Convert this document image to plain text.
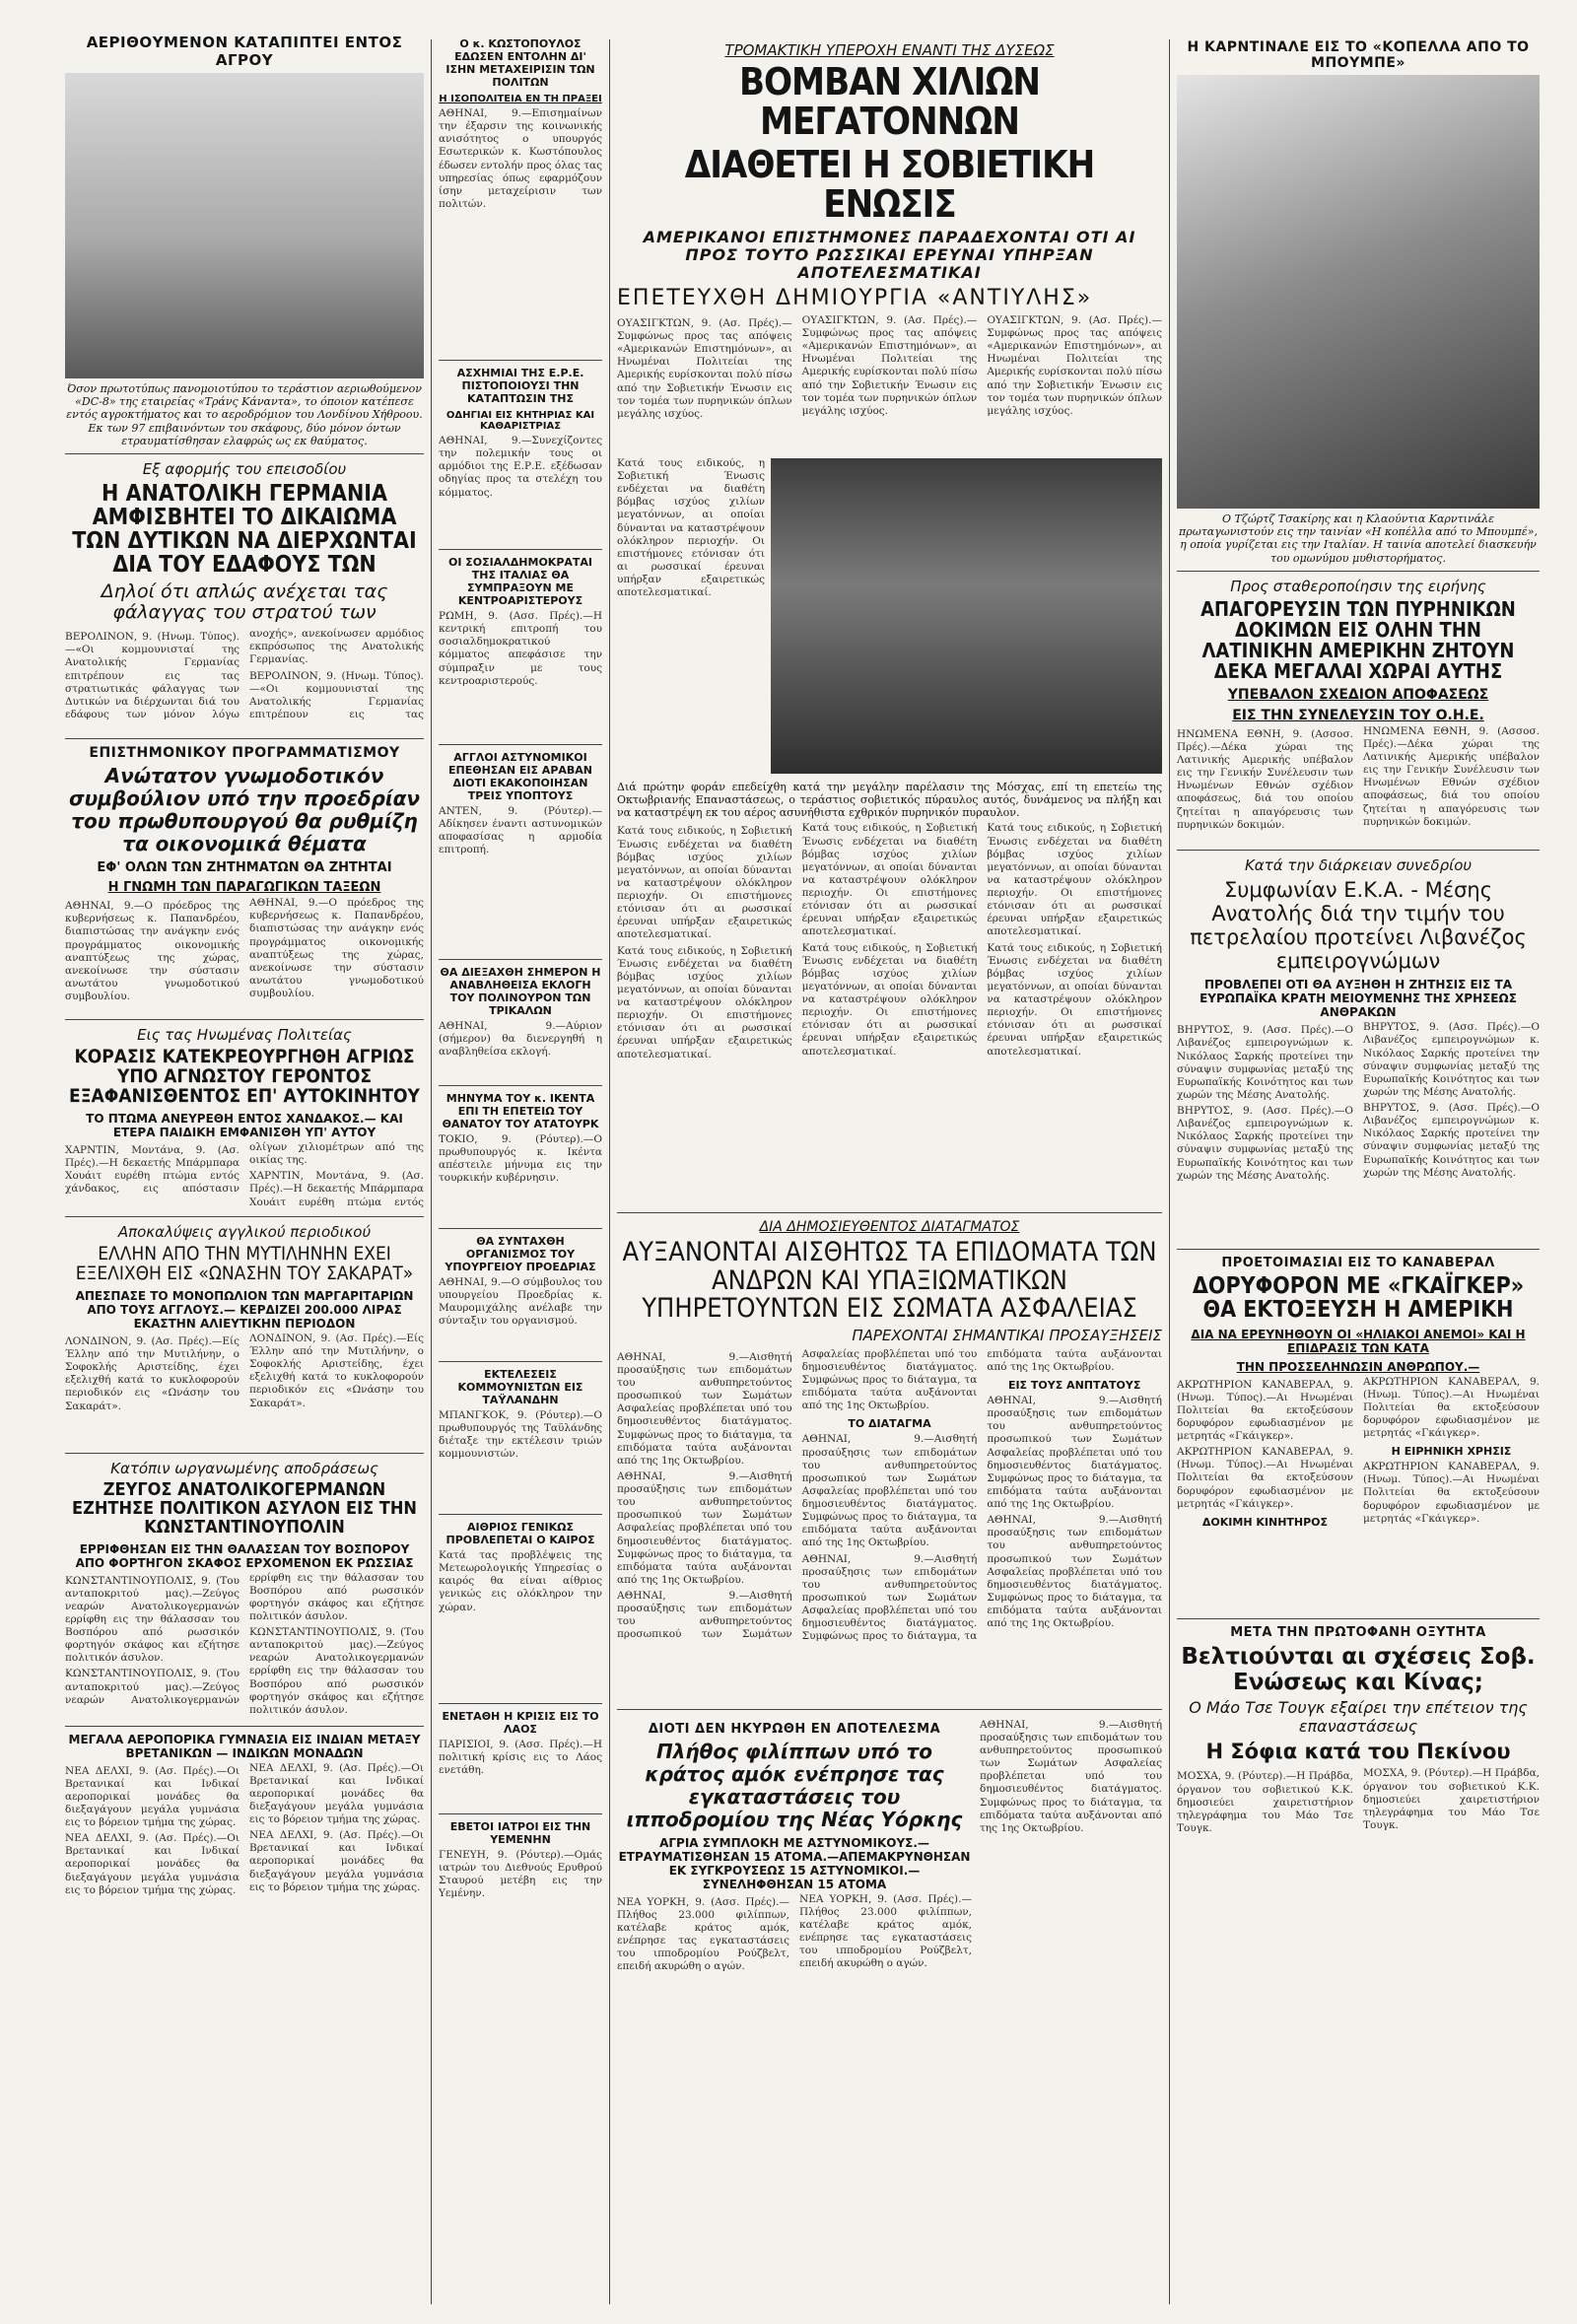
ΑΕΡΙΘΟΥΜΕΝΟΝ ΚΑΤΑΠΙΠΤΕΙ ΕΝΤΟΣ ΑΓΡΟΥ
Όσον πρωτοτύπως πανομοιοτύπου το τεράστιον αεριωθούμενον «DC-8» της εταιρείας «Τράνς Κάναντα», το όποιον κατέπεσε εντός αγροκτήματος και το αεροδρόμιον του Λονδίνου Χήθροου. Εκ των 97 επιβαινόντων του σκάφους, δύο μόνον όντων ετραυματίσθησαν ελαφρώς ως εκ θαύματος.
Εξ αφορμής του επεισοδίου
Η ΑΝΑΤΟΛΙΚΗ ΓΕΡΜΑΝΙΑ ΑΜΦΙΣΒΗΤΕΙ ΤΟ ΔΙΚΑΙΩΜΑ ΤΩΝ ΔΥΤΙΚΩΝ ΝΑ ΔΙΕΡΧΩΝΤΑΙ ΔΙΑ ΤΟΥ ΕΔΑΦΟΥΣ ΤΩΝ
Δηλοί ότι απλώς ανέχεται τας φάλαγγας του στρατού των

ΒΕΡΟΛΙΝΟΝ, 9. (Ηνωμ. Τύπος).—«Οι κομμουνισταί της Ανατολικής Γερμανίας επιτρέπουν εις τας στρατιωτικάς φάλαγγας των Δυτικών να διέρχωνται διά του εδάφους των μόνον λόγω ανοχής», ανεκοίνωσεν αρμόδιος εκπρόσωπος της Ανατολικής Γερμανίας.

ΒΕΡΟΛΙΝΟΝ, 9. (Ηνωμ. Τύπος).—«Οι κομμουνισταί της Ανατολικής Γερμανίας επιτρέπουν εις τας

ΕΠΙΣΤΗΜΟΝΙΚΟΥ ΠΡΟΓΡΑΜΜΑΤΙΣΜΟΥ
Ανώτατον γνωμοδοτικόν συμβούλιον υπό την προεδρίαν του πρωθυπουργού θα ρυθμίζη τα οικονομικά θέματα
ΕΦ' ΟΛΩΝ ΤΩΝ ΖΗΤΗΜΑΤΩΝ ΘΑ ΖΗΤΗΤΑΙ
Η ΓΝΩΜΗ ΤΩΝ ΠΑΡΑΓΩΓΙΚΩΝ ΤΑΞΕΩΝ

ΑΘΗΝΑΙ, 9.—Ο πρόεδρος της κυβερνήσεως κ. Παπανδρέου, διαπιστώσας την ανάγκην ενός προγράμματος οικονομικής αναπτύξεως της χώρας, ανεκοίνωσε την σύστασιν ανωτάτου γνωμοδοτικού συμβουλίου.

ΑΘΗΝΑΙ, 9.—Ο πρόεδρος της κυβερνήσεως κ. Παπανδρέου, διαπιστώσας την ανάγκην ενός προγράμματος οικονομικής αναπτύξεως της χώρας, ανεκοίνωσε την σύστασιν ανωτάτου γνωμοδοτικού συμβουλίου.

Εις τας Ηνωμένας Πολιτείας
ΚΟΡΑΣΙΣ ΚΑΤΕΚΡΕΟΥΡΓΗΘΗ ΑΓΡΙΩΣ ΥΠΟ ΑΓΝΩΣΤΟΥ ΓΕΡΟΝΤΟΣ ΕΞΑΦΑΝΙΣΘΕΝΤΟΣ ΕΠ' ΑΥΤΟΚΙΝΗΤΟΥ
ΤΟ ΠΤΩΜΑ ΑΝΕΥΡΕΘΗ ΕΝΤΟΣ ΧΑΝΔΑΚΟΣ.— ΚΑΙ ΕΤΕΡΑ ΠΑΙΔΙΚΗ ΕΜΦΑΝΙΣΘΗ ΥΠ' ΑΥΤΟΥ

ΧΑΡΝΤΙΝ, Μοντάνα, 9. (Ασ. Πρές).—Η δεκαετής Μπάρμπαρα Χουάιτ ευρέθη πτώμα εντός χάνδακος, εις απόστασιν ολίγων χιλιομέτρων από της οικίας της.

ΧΑΡΝΤΙΝ, Μοντάνα, 9. (Ασ. Πρές).—Η δεκαετής Μπάρμπαρα Χουάιτ ευρέθη πτώμα εντός

Αποκαλύψεις αγγλικού περιοδικού
ΕΛΛΗΝ ΑΠΟ ΤΗΝ ΜΥΤΙΛΗΝΗΝ ΕΧΕΙ ΕΞΕΛΙΧΘΗ ΕΙΣ «ΩΝΑΣΗΝ ΤΟΥ ΣΑΚΑΡΑΤ»
ΑΠΕΣΠΑΣΕ ΤΟ ΜΟΝΟΠΩΛΙΟΝ ΤΩΝ ΜΑΡΓΑΡΙΤΑΡΙΩΝ ΑΠΟ ΤΟΥΣ ΑΓΓΛΟΥΣ.— ΚΕΡΔΙΖΕΙ 200.000 ΛΙΡΑΣ ΕΚΑΣΤΗΝ ΑΛΙΕΥΤΙΚΗΝ ΠΕΡΙΟΔΟΝ

ΛΟΝΔΙΝΟΝ, 9. (Ασ. Πρές).—Είς Έλλην από την Μυτιλήνην, ο Σοφοκλής Αριστείδης, έχει εξελιχθή κατά το κυκλοφορούν περιοδικόν εις «Ωνάσην του Σακαράτ».

ΛΟΝΔΙΝΟΝ, 9. (Ασ. Πρές).—Είς Έλλην από την Μυτιλήνην, ο Σοφοκλής Αριστείδης, έχει εξελιχθή κατά το κυκλοφορούν περιοδικόν εις «Ωνάσην του Σακαράτ».

Κατόπιν ωργανωμένης αποδράσεως
ΖΕΥΓΟΣ ΑΝΑΤΟΛΙΚΟΓΕΡΜΑΝΩΝ ΕΖΗΤΗΣΕ ΠΟΛΙΤΙΚΟΝ ΑΣΥΛΟΝ ΕΙΣ ΤΗΝ ΚΩΝΣΤΑΝΤΙΝΟΥΠΟΛΙΝ
ΕΡΡΙΦΘΗΣΑΝ ΕΙΣ ΤΗΝ ΘΑΛΑΣΣΑΝ ΤΟΥ ΒΟΣΠΟΡΟΥ ΑΠΟ ΦΟΡΤΗΓΟΝ ΣΚΑΦΟΣ ΕΡΧΟΜΕΝΟΝ ΕΚ ΡΩΣΣΙΑΣ

ΚΩΝΣΤΑΝΤΙΝΟΥΠΟΛΙΣ, 9. (Του ανταποκριτού μας).—Ζεύγος νεαρών Ανατολικογερμανών ερρίφθη εις την θάλασσαν του Βοσπόρου από ρωσσικόν φορτηγόν σκάφος και εζήτησε πολιτικόν άσυλον.

ΚΩΝΣΤΑΝΤΙΝΟΥΠΟΛΙΣ, 9. (Του ανταποκριτού μας).—Ζεύγος νεαρών Ανατολικογερμανών ερρίφθη εις την θάλασσαν του Βοσπόρου από ρωσσικόν φορτηγόν σκάφος και εζήτησε πολιτικόν άσυλον.

ΚΩΝΣΤΑΝΤΙΝΟΥΠΟΛΙΣ, 9. (Του ανταποκριτού μας).—Ζεύγος νεαρών Ανατολικογερμανών ερρίφθη εις την θάλασσαν του Βοσπόρου από ρωσσικόν φορτηγόν σκάφος και εζήτησε πολιτικόν άσυλον.

ΜΕΓΑΛΑ ΑΕΡΟΠΟΡΙΚΑ ΓΥΜΝΑΣΙΑ ΕΙΣ ΙΝΔΙΑΝ ΜΕΤΑΞΥ ΒΡΕΤΑΝΙΚΩΝ — ΙΝΔΙΚΩΝ ΜΟΝΑΔΩΝ

ΝΕΑ ΔΕΛΧΙ, 9. (Ασ. Πρές).—Οι Βρετανικαί και Ινδικαί αεροπορικαί μονάδες θα διεξαγάγουν μεγάλα γυμνάσια εις το βόρειον τμήμα της χώρας.

ΝΕΑ ΔΕΛΧΙ, 9. (Ασ. Πρές).—Οι Βρετανικαί και Ινδικαί αεροπορικαί μονάδες θα διεξαγάγουν μεγάλα γυμνάσια εις το βόρειον τμήμα της χώρας.

ΝΕΑ ΔΕΛΧΙ, 9. (Ασ. Πρές).—Οι Βρετανικαί και Ινδικαί αεροπορικαί μονάδες θα διεξαγάγουν μεγάλα γυμνάσια εις το βόρειον τμήμα της χώρας.

ΝΕΑ ΔΕΛΧΙ, 9. (Ασ. Πρές).—Οι Βρετανικαί και Ινδικαί αεροπορικαί μονάδες θα διεξαγάγουν μεγάλα γυμνάσια εις το βόρειον τμήμα της χώρας.

Ο κ. ΚΩΣΤΟΠΟΥΛΟΣ ΕΔΩΣΕΝ ΕΝΤΟΛΗΝ ΔΙ' ΙΣΗΝ ΜΕΤΑΧΕΙΡΙΣΙΝ ΤΩΝ ΠΟΛΙΤΩΝ
Η ΙΣΟΠΟΛΙΤΕΙΑ ΕΝ ΤΗ ΠΡΑΞΕΙ

ΑΘΗΝΑΙ, 9.—Επισημαίνων την έξαρσιν της κοινωνικής ανισότητος ο υπουργός Εσωτερικών κ. Κωστόπουλος έδωσεν εντολήν προς όλας τας υπηρεσίας όπως εφαρμόζουν ίσην μεταχείρισιν των πολιτών.

ΑΣΧΗΜΙΑΙ ΤΗΣ Ε.Ρ.Ε. ΠΙΣΤΟΠΟΙΟΥΣΙ ΤΗΝ ΚΑΤΑΠΤΩΣΙΝ ΤΗΣ
ΟΔΗΓΙΑΙ ΕΙΣ ΚΗΤΗΡΙΑΣ ΚΑΙ ΚΑΘΑΡΙΣΤΡΙΑΣ

ΑΘΗΝΑΙ, 9.—Συνεχίζοντες την πολεμικήν τους οι αρμόδιοι της Ε.Ρ.Ε. εξέδωσαν οδηγίας προς τα στελέχη του κόμματος.

ΟΙ ΣΟΣΙΑΛΔΗΜΟΚΡΑΤΑΙ ΤΗΣ ΙΤΑΛΙΑΣ ΘΑ ΣΥΜΠΡΑΞΟΥΝ ΜΕ ΚΕΝΤΡΟΑΡΙΣΤΕΡΟΥΣ

ΡΩΜΗ, 9. (Ασσ. Πρές).—Η κεντρική επιτροπή του σοσιαλδημοκρατικού κόμματος απεφάσισε την σύμπραξιν με τους κεντροαριστερούς.

ΑΓΓΛΟΙ ΑΣΤΥΝΟΜΙΚΟΙ ΕΠΕΘΗΣΑΝ ΕΙΣ ΑΡΑΒΑΝ ΔΙΟΤΙ ΕΚΑΚΟΠΟΙΗΣΑΝ ΤΡΕΙΣ ΥΠΟΠΤΟΥΣ

ΑΝΤΕΝ, 9. (Ρόυτερ).—Αδίκησεν έναντι αστυνομικών αποφασίσας η αρμοδία επιτροπή.

ΘΑ ΔΙΕΞΑΧΘΗ ΣΗΜΕΡΟΝ Η ΑΝΑΒΛΗΘΕΙΣΑ ΕΚΛΟΓΗ ΤΟΥ ΠΟΛΙΝΟΥΡΟΝ ΤΩΝ ΤΡΙΚΑΛΩΝ

ΑΘΗΝΑΙ, 9.—Αύριον (σήμερον) θα διενεργηθή η αναβληθείσα εκλογή.

ΜΗΝΥΜΑ ΤΟΥ κ. ΙΚΕΝΤΑ ΕΠΙ ΤΗ ΕΠΕΤΕΙΩ ΤΟΥ ΘΑΝΑΤΟΥ ΤΟΥ ΑΤΑΤΟΥΡΚ

ΤΟΚΙΟ, 9. (Ρόυτερ).—Ο πρωθυπουργός κ. Ικέντα απέστειλε μήνυμα εις την τουρκικήν κυβέρνησιν.

ΘΑ ΣΥΝΤΑΧΘΗ ΟΡΓΑΝΙΣΜΟΣ ΤΟΥ ΥΠΟΥΡΓΕΙΟΥ ΠΡΟΕΔΡΙΑΣ

ΑΘΗΝΑΙ, 9.—Ο σύμβουλος του υπουργείου Προεδρίας κ. Μαυρομιχάλης ανέλαβε την σύνταξιν του οργανισμού.

ΕΚΤΕΛΕΣΕΙΣ ΚΟΜΜΟΥΝΙΣΤΩΝ ΕΙΣ ΤΑΫΛΑΝΔΗΝ

ΜΠΑΝΓΚΟΚ, 9. (Ρόυτερ).—Ο πρωθυπουργός της Ταϋλάνδης διέταξε την εκτέλεσιν τριών κομμουνιστών.

ΑΙΘΡΙΟΣ ΓΕΝΙΚΩΣ ΠΡΟΒΛΕΠΕΤΑΙ Ο ΚΑΙΡΟΣ

Κατά τας προβλέψεις της Μετεωρολογικής Υπηρεσίας ο καιρός θα είναι αίθριος γενικώς εις ολόκληρον την χώραν.

ΕΝΕΤΑΘΗ Η ΚΡΙΣΙΣ ΕΙΣ ΤΟ ΛΑΟΣ

ΠΑΡΙΣΙΟΙ, 9. (Ασσ. Πρές).—Η πολιτική κρίσις εις το Λάος ενετάθη.

ΕΒΕΤΟΙ ΙΑΤΡΟΙ ΕΙΣ ΤΗΝ ΥΕΜΕΝΗΝ

ΓΕΝΕΥΗ, 9. (Ρόυτερ).—Ομάς ιατρών του Διεθνούς Ερυθρού Σταυρού μετέβη εις την Υεμένην.

ΤΡΟΜΑΚΤΙΚΗ ΥΠΕΡΟΧΗ ΕΝΑΝΤΙ ΤΗΣ ΔΥΣΕΩΣ
ΒΟΜΒΑΝ ΧΙΛΙΩΝ ΜΕΓΑΤΟΝΝΩΝ
ΔΙΑΘΕΤΕΙ Η ΣΟΒΙΕΤΙΚΗ ΕΝΩΣΙΣ
ΑΜΕΡΙΚΑΝΟΙ ΕΠΙΣΤΗΜΟΝΕΣ ΠΑΡΑΔΕΧΟΝΤΑΙ ΟΤΙ ΑΙ ΠΡΟΣ ΤΟΥΤΟ ΡΩΣΣΙΚΑΙ ΕΡΕΥΝΑΙ ΥΠΗΡΞΑΝ ΑΠΟΤΕΛΕΣΜΑΤΙΚΑΙ
ΕΠΕΤΕΥΧΘΗ ΔΗΜΙΟΥΡΓΙΑ «ΑΝΤΙΥΛΗΣ»

ΟΥΑΣΙΓΚΤΩΝ, 9. (Ασ. Πρές).—Συμφώνως προς τας απόψεις «Αμερικανών Επιστημόνων», αι Ηνωμέναι Πολιτείαι της Αμερικής ευρίσκονται πολύ πίσω από την Σοβιετικήν Ένωσιν εις τον τομέα των πυρηνικών όπλων μεγάλης ισχύος.

ΟΥΑΣΙΓΚΤΩΝ, 9. (Ασ. Πρές).—Συμφώνως προς τας απόψεις «Αμερικανών Επιστημόνων», αι Ηνωμέναι Πολιτείαι της Αμερικής ευρίσκονται πολύ πίσω από την Σοβιετικήν Ένωσιν εις τον τομέα των πυρηνικών όπλων μεγάλης ισχύος.

ΟΥΑΣΙΓΚΤΩΝ, 9. (Ασ. Πρές).—Συμφώνως προς τας απόψεις «Αμερικανών Επιστημόνων», αι Ηνωμέναι Πολιτείαι της Αμερικής ευρίσκονται πολύ πίσω από την Σοβιετικήν Ένωσιν εις τον τομέα των πυρηνικών όπλων μεγάλης ισχύος.

Κατά τους ειδικούς, η Σοβιετική Ένωσις ενδέχεται να διαθέτη βόμβας ισχύος χιλίων μεγατόννων, αι οποίαι δύνανται να καταστρέψουν ολόκληρον περιοχήν. Οι επιστήμονες ετόνισαν ότι αι ρωσσικαί έρευναι υπήρξαν εξαιρετικώς αποτελεσματικαί.

Διά πρώτην φοράν επεδείχθη κατά την μεγάλην παρέλασιν της Μόσχας, επί τη επετείω της Οκτωβριανής Επαναστάσεως, ο τεράστιος σοβιετικός πύραυλος αυτός, δυνάμενος να πλήξη και να καταστρέψη εκ του αέρος ασυνήθιστα εχθρικόν πυρηνικόν πυραυλον.

Κατά τους ειδικούς, η Σοβιετική Ένωσις ενδέχεται να διαθέτη βόμβας ισχύος χιλίων μεγατόννων, αι οποίαι δύνανται να καταστρέψουν ολόκληρον περιοχήν. Οι επιστήμονες ετόνισαν ότι αι ρωσσικαί έρευναι υπήρξαν εξαιρετικώς αποτελεσματικαί.

Κατά τους ειδικούς, η Σοβιετική Ένωσις ενδέχεται να διαθέτη βόμβας ισχύος χιλίων μεγατόννων, αι οποίαι δύνανται να καταστρέψουν ολόκληρον περιοχήν. Οι επιστήμονες ετόνισαν ότι αι ρωσσικαί έρευναι υπήρξαν εξαιρετικώς αποτελεσματικαί.

Κατά τους ειδικούς, η Σοβιετική Ένωσις ενδέχεται να διαθέτη βόμβας ισχύος χιλίων μεγατόννων, αι οποίαι δύνανται να καταστρέψουν ολόκληρον περιοχήν. Οι επιστήμονες ετόνισαν ότι αι ρωσσικαί έρευναι υπήρξαν εξαιρετικώς αποτελεσματικαί.

Κατά τους ειδικούς, η Σοβιετική Ένωσις ενδέχεται να διαθέτη βόμβας ισχύος χιλίων μεγατόννων, αι οποίαι δύνανται να καταστρέψουν ολόκληρον περιοχήν. Οι επιστήμονες ετόνισαν ότι αι ρωσσικαί έρευναι υπήρξαν εξαιρετικώς αποτελεσματικαί.

Κατά τους ειδικούς, η Σοβιετική Ένωσις ενδέχεται να διαθέτη βόμβας ισχύος χιλίων μεγατόννων, αι οποίαι δύνανται να καταστρέψουν ολόκληρον περιοχήν. Οι επιστήμονες ετόνισαν ότι αι ρωσσικαί έρευναι υπήρξαν εξαιρετικώς αποτελεσματικαί.

Κατά τους ειδικούς, η Σοβιετική Ένωσις ενδέχεται να διαθέτη βόμβας ισχύος χιλίων μεγατόννων, αι οποίαι δύνανται να καταστρέψουν ολόκληρον περιοχήν. Οι επιστήμονες ετόνισαν ότι αι ρωσσικαί έρευναι υπήρξαν εξαιρετικώς αποτελεσματικαί.

ΔΙΑ ΔΗΜΟΣΙΕΥΘΕΝΤΟΣ ΔΙΑΤΑΓΜΑΤΟΣ
ΑΥΞΑΝΟΝΤΑΙ ΑΙΣΘΗΤΩΣ ΤΑ ΕΠΙΔΟΜΑΤΑ ΤΩΝ ΑΝΔΡΩΝ ΚΑΙ ΥΠΑΞΙΩΜΑΤΙΚΩΝ ΥΠΗΡΕΤΟΥΝΤΩΝ ΕΙΣ ΣΩΜΑΤΑ ΑΣΦΑΛΕΙΑΣ
ΠΑΡΕΧΟΝΤΑΙ ΣΗΜΑΝΤΙΚΑΙ ΠΡΟΣΑΥΞΗΣΕΙΣ

ΑΘΗΝΑΙ, 9.—Αισθητή προσαύξησις των επιδομάτων του ανθυπηρετούντος προσωπικού των Σωμάτων Ασφαλείας προβλέπεται υπό του δημοσιευθέντος διατάγματος. Συμφώνως προς το διάταγμα, τα επιδόματα ταύτα αυξάνονται από της 1ης Οκτωβρίου.

ΑΘΗΝΑΙ, 9.—Αισθητή προσαύξησις των επιδομάτων του ανθυπηρετούντος προσωπικού των Σωμάτων Ασφαλείας προβλέπεται υπό του δημοσιευθέντος διατάγματος. Συμφώνως προς το διάταγμα, τα επιδόματα ταύτα αυξάνονται από της 1ης Οκτωβρίου.

ΑΘΗΝΑΙ, 9.—Αισθητή προσαύξησις των επιδομάτων του ανθυπηρετούντος προσωπικού των Σωμάτων Ασφαλείας προβλέπεται υπό του δημοσιευθέντος διατάγματος. Συμφώνως προς το διάταγμα, τα επιδόματα ταύτα αυξάνονται από της 1ης Οκτωβρίου.

ΤΟ ΔΙΑΤΑΓΜΑ

ΑΘΗΝΑΙ, 9.—Αισθητή προσαύξησις των επιδομάτων του ανθυπηρετούντος προσωπικού των Σωμάτων Ασφαλείας προβλέπεται υπό του δημοσιευθέντος διατάγματος. Συμφώνως προς το διάταγμα, τα επιδόματα ταύτα αυξάνονται από της 1ης Οκτωβρίου.

ΑΘΗΝΑΙ, 9.—Αισθητή προσαύξησις των επιδομάτων του ανθυπηρετούντος προσωπικού των Σωμάτων Ασφαλείας προβλέπεται υπό του δημοσιευθέντος διατάγματος. Συμφώνως προς το διάταγμα, τα επιδόματα ταύτα αυξάνονται από της 1ης Οκτωβρίου.

ΕΙΣ ΤΟΥΣ ΑΝΠΤΑΤΟΥΣ

ΑΘΗΝΑΙ, 9.—Αισθητή προσαύξησις των επιδομάτων του ανθυπηρετούντος προσωπικού των Σωμάτων Ασφαλείας προβλέπεται υπό του δημοσιευθέντος διατάγματος. Συμφώνως προς το διάταγμα, τα επιδόματα ταύτα αυξάνονται από της 1ης Οκτωβρίου.

ΑΘΗΝΑΙ, 9.—Αισθητή προσαύξησις των επιδομάτων του ανθυπηρετούντος προσωπικού των Σωμάτων Ασφαλείας προβλέπεται υπό του δημοσιευθέντος διατάγματος. Συμφώνως προς το διάταγμα, τα επιδόματα ταύτα αυξάνονται από της 1ης Οκτωβρίου.

ΔΙΟΤΙ ΔΕΝ ΗΚΥΡΩΘΗ ΕΝ ΑΠΟΤΕΛΕΣΜΑ
Πλήθος φιλίππων υπό το κράτος αμόκ ενέπρησε τας εγκαταστάσεις του ιπποδρομίου της Νέας Υόρκης
ΑΓΡΙΑ ΣΥΜΠΛΟΚΗ ΜΕ ΑΣΤΥΝΟΜΙΚΟΥΣ.— ΕΤΡΑΥΜΑΤΙΣΘΗΣΑΝ 15 ΑΤΟΜΑ.—ΑΠΕΜΑΚΡΥΝΘΗΣΑΝ ΕΚ ΣΥΓΚΡΟΥΣΕΩΣ 15 ΑΣΤΥΝΟΜΙΚΟΙ.—ΣΥΝΕΛΗΦΘΗΣΑΝ 15 ΑΤΟΜΑ

ΝΕΑ ΥΟΡΚΗ, 9. (Ασσ. Πρές).—Πλήθος 23.000 φιλίππων, κατέλαβε κράτος αμόκ, ενέπρησε τας εγκαταστάσεις του ιπποδρομίου Ρούζβελτ, επειδή ακυρώθη ο αγών.

ΝΕΑ ΥΟΡΚΗ, 9. (Ασσ. Πρές).—Πλήθος 23.000 φιλίππων, κατέλαβε κράτος αμόκ, ενέπρησε τας εγκαταστάσεις του ιπποδρομίου Ρούζβελτ, επειδή ακυρώθη ο αγών.

ΑΘΗΝΑΙ, 9.—Αισθητή προσαύξησις των επιδομάτων του ανθυπηρετούντος προσωπικού των Σωμάτων Ασφαλείας προβλέπεται υπό του δημοσιευθέντος διατάγματος. Συμφώνως προς το διάταγμα, τα επιδόματα ταύτα αυξάνονται από της 1ης Οκτωβρίου.

Η ΚΑΡΝΤΙΝΑΛΕ ΕΙΣ ΤΟ «ΚΟΠΕΛΛΑ ΑΠΟ ΤΟ ΜΠΟΥΜΠΕ»
Ο Τζώρτζ Τσακίρης και η Κλαούντια Καρντινάλε πρωταγωνιστούν εις την ταινίαν «Η κοπέλλα από το Μπουμπέ», η οποία γυρίζεται εις την Ιταλίαν. Η ταινία αποτελεί διασκευήν του ομωνύμου μυθιστορήματος.
Προς σταθεροποίησιν της ειρήνης
ΑΠΑΓΟΡΕΥΣΙΝ ΤΩΝ ΠΥΡΗΝΙΚΩΝ ΔΟΚΙΜΩΝ ΕΙΣ ΟΛΗΝ ΤΗΝ ΛΑΤΙΝΙΚΗΝ ΑΜΕΡΙΚΗΝ ΖΗΤΟΥΝ ΔΕΚΑ ΜΕΓΑΛΑΙ ΧΩΡΑΙ ΑΥΤΗΣ
ΥΠΕΒΑΛΟΝ ΣΧΕΔΙΟΝ ΑΠΟΦΑΣΕΩΣ
ΕΙΣ ΤΗΝ ΣΥΝΕΛΕΥΣΙΝ ΤΟΥ Ο.Η.Ε.

ΗΝΩΜΕΝΑ ΕΘΝΗ, 9. (Ασσοσ. Πρές).—Δέκα χώραι της Λατινικής Αμερικής υπέβαλον εις την Γενικήν Συνέλευσιν των Ηνωμένων Εθνών σχέδιον αποφάσεως, διά του οποίου ζητείται η απαγόρευσις των πυρηνικών δοκιμών.

ΗΝΩΜΕΝΑ ΕΘΝΗ, 9. (Ασσοσ. Πρές).—Δέκα χώραι της Λατινικής Αμερικής υπέβαλον εις την Γενικήν Συνέλευσιν των Ηνωμένων Εθνών σχέδιον αποφάσεως, διά του οποίου ζητείται η απαγόρευσις των πυρηνικών δοκιμών.

Κατά την διάρκειαν συνεδρίου
Συμφωνίαν Ε.Κ.Α. - Μέσης Ανατολής διά την τιμήν του πετρελαίου προτείνει Λιβανέζος εμπειρογνώμων
ΠΡΟΒΛΕΠΕΙ ΟΤΙ ΘΑ ΑΥΞΗΘΗ Η ΖΗΤΗΣΙΣ ΕΙΣ ΤΑ ΕΥΡΩΠΑΪΚΑ ΚΡΑΤΗ ΜΕΙΟΥΜΕΝΗΣ ΤΗΣ ΧΡΗΣΕΩΣ ΑΝΘΡΑΚΩΝ

ΒΗΡΥΤΟΣ, 9. (Ασσ. Πρές).—Ο Λιβανέζος εμπειρογνώμων κ. Νικόλαος Σαρκής προτείνει την σύναψιν συμφωνίας μεταξύ της Ευρωπαϊκής Κοινότητος και των χωρών της Μέσης Ανατολής.

ΒΗΡΥΤΟΣ, 9. (Ασσ. Πρές).—Ο Λιβανέζος εμπειρογνώμων κ. Νικόλαος Σαρκής προτείνει την σύναψιν συμφωνίας μεταξύ της Ευρωπαϊκής Κοινότητος και των χωρών της Μέσης Ανατολής.

ΒΗΡΥΤΟΣ, 9. (Ασσ. Πρές).—Ο Λιβανέζος εμπειρογνώμων κ. Νικόλαος Σαρκής προτείνει την σύναψιν συμφωνίας μεταξύ της Ευρωπαϊκής Κοινότητος και των χωρών της Μέσης Ανατολής.

ΒΗΡΥΤΟΣ, 9. (Ασσ. Πρές).—Ο Λιβανέζος εμπειρογνώμων κ. Νικόλαος Σαρκής προτείνει την σύναψιν συμφωνίας μεταξύ της Ευρωπαϊκής Κοινότητος και των χωρών της Μέσης Ανατολής.

ΠΡΟΕΤΟΙΜΑΣΙΑΙ ΕΙΣ ΤΟ ΚΑΝΑΒΕΡΑΛ
ΔΟΡΥΦΟΡΟΝ ΜΕ «ΓΚΑΪΓΚΕΡ» ΘΑ ΕΚΤΟΞΕΥΣΗ Η ΑΜΕΡΙΚΗ
ΔΙΑ ΝΑ ΕΡΕΥΝΗΘΟΥΝ ΟΙ «ΗΛΙΑΚΟΙ ΑΝΕΜΟΙ» ΚΑΙ Η ΕΠΙΔΡΑΣΙΣ ΤΩΝ ΚΑΤΑ
ΤΗΝ ΠΡΟΣΣΕΛΗΝΩΣΙΝ ΑΝΘΡΩΠΟΥ.—

ΑΚΡΩΤΗΡΙΟΝ ΚΑΝΑΒΕΡΑΛ, 9. (Ηνωμ. Τύπος).—Αι Ηνωμέναι Πολιτείαι θα εκτοξεύσουν δορυφόρον εφωδιασμένον με μετρητάς «Γκάιγκερ».

ΑΚΡΩΤΗΡΙΟΝ ΚΑΝΑΒΕΡΑΛ, 9. (Ηνωμ. Τύπος).—Αι Ηνωμέναι Πολιτείαι θα εκτοξεύσουν δορυφόρον εφωδιασμένον με μετρητάς «Γκάιγκερ».

ΔΟΚΙΜΗ ΚΙΝΗΤΗΡΟΣ

ΑΚΡΩΤΗΡΙΟΝ ΚΑΝΑΒΕΡΑΛ, 9. (Ηνωμ. Τύπος).—Αι Ηνωμέναι Πολιτείαι θα εκτοξεύσουν δορυφόρον εφωδιασμένον με μετρητάς «Γκάιγκερ».

Η ΕΙΡΗΝΙΚΗ ΧΡΗΣΙΣ

ΑΚΡΩΤΗΡΙΟΝ ΚΑΝΑΒΕΡΑΛ, 9. (Ηνωμ. Τύπος).—Αι Ηνωμέναι Πολιτείαι θα εκτοξεύσουν δορυφόρον εφωδιασμένον με μετρητάς «Γκάιγκερ».

ΜΕΤΑ ΤΗΝ ΠΡΩΤΟΦΑΝΗ ΟΞΥΤΗΤΑ
Βελτιούνται αι σχέσεις Σοβ. Ενώσεως και Κίνας;
Ο Μάο Τσε Τουγκ εξαίρει την επέτειον της επαναστάσεως
Η Σόφια κατά του Πεκίνου

ΜΟΣΧΑ, 9. (Ρόυτερ).—Η Πράβδα, όργανον του σοβιετικού Κ.Κ. δημοσιεύει χαιρετιστήριον τηλεγράφημα του Μάο Τσε Τουγκ.

ΜΟΣΧΑ, 9. (Ρόυτερ).—Η Πράβδα, όργανον του σοβιετικού Κ.Κ. δημοσιεύει χαιρετιστήριον τηλεγράφημα του Μάο Τσε Τουγκ.
